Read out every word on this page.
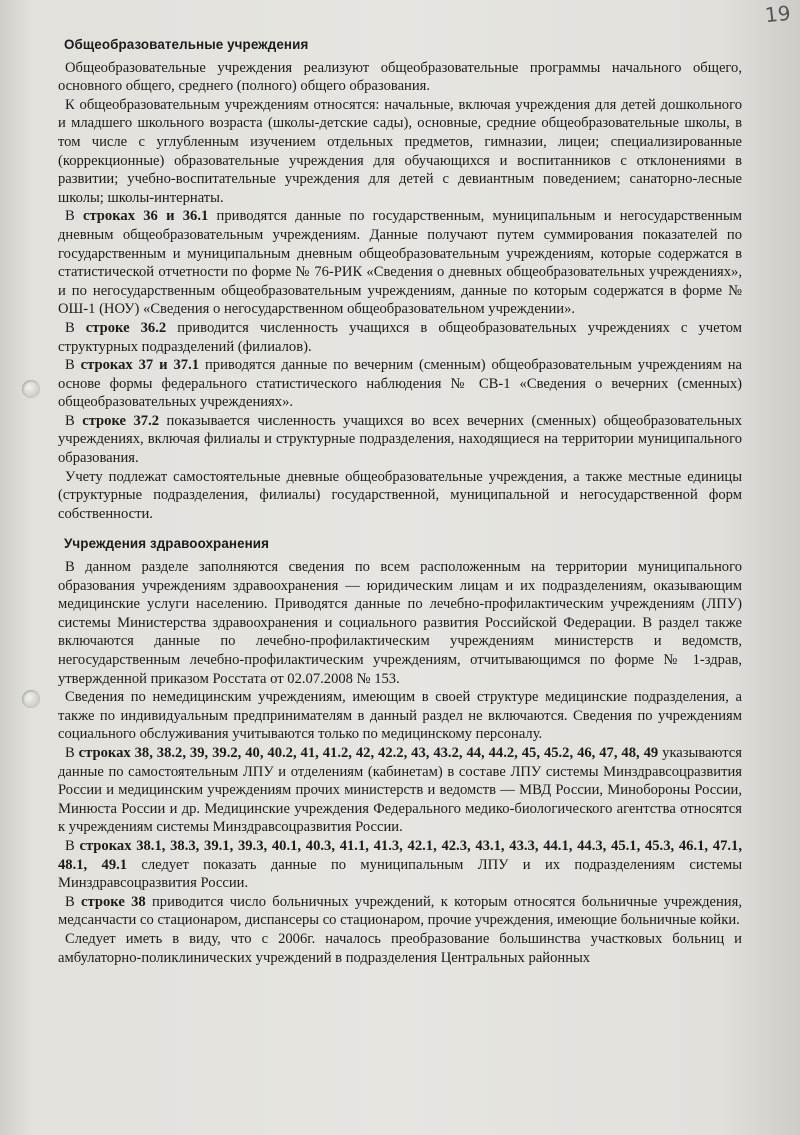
19
Общеобразовательные учреждения

Общеобразовательные учреждения реализуют общеобразовательные программы начального общего, основного общего, среднего (полного) общего образования.

К общеобразовательным учреждениям относятся: начальные, включая учреждения для детей дошкольного и младшего школьного возраста (школы-детские сады), основные, средние общеобразовательные школы, в том числе с углубленным изучением отдельных предметов, гимназии, лицеи; специализированные (коррекционные) образовательные учреждения для обучающихся и воспитанников с отклонениями в развитии; учебно-воспитательные учреждения для детей с девиантным поведением; санаторно-лесные школы; школы-интернаты.

В строках 36 и 36.1 приводятся данные по государственным, муниципальным и негосударственным дневным общеобразовательным учреждениям. Данные получают путем суммирования показателей по государственным и муниципальным дневным общеобразовательным учреждениям, которые содержатся в статистической отчетности по форме № 76-РИК «Сведения о дневных общеобразовательных учреждениях», и по негосударственным общеобразовательным учреждениям, данные по которым содержатся в форме № ОШ-1 (НОУ) «Сведения о негосударственном общеобразовательном учреждении».

В строке 36.2 приводится численность учащихся в общеобразовательных учреждениях с учетом структурных подразделений (филиалов).

В строках 37 и 37.1 приводятся данные по вечерним (сменным) общеобразовательным учреждениям на основе формы федерального статистического наблюдения № СВ-1 «Сведения о вечерних (сменных) общеобразовательных учреждениях».

В строке 37.2 показывается численность учащихся во всех вечерних (сменных) общеобразовательных учреждениях, включая филиалы и структурные подразделения, находящиеся на территории муниципального образования.

Учету подлежат самостоятельные дневные общеобразовательные учреждения, а также местные единицы (структурные подразделения, филиалы) государственной, муниципальной и негосударственной форм собственности.

Учреждения здравоохранения

В данном разделе заполняются сведения по всем расположенным на территории муниципального образования учреждениям здравоохранения — юридическим лицам и их подразделениям, оказывающим медицинские услуги населению. Приводятся данные по лечебно-профилактическим учреждениям (ЛПУ) системы Министерства здравоохранения и социального развития Российской Федерации. В раздел также включаются данные по лечебно-профилактическим учреждениям министерств и ведомств, негосударственным лечебно-профилактическим учреждениям, отчитывающимся по форме № 1-здрав, утвержденной приказом Росстата от 02.07.2008 № 153.

Сведения по немедицинским учреждениям, имеющим в своей структуре медицинские подразделения, а также по индивидуальным предпринимателям в данный раздел не включаются. Сведения по учреждениям социального обслуживания учитываются только по медицинскому персоналу.

В строках 38, 38.2, 39, 39.2, 40, 40.2, 41, 41.2, 42, 42.2, 43, 43.2, 44, 44.2, 45, 45.2, 46, 47, 48, 49 указываются данные по самостоятельным ЛПУ и отделениям (кабинетам) в составе ЛПУ системы Минздравсоцразвития России и медицинским учреждениям прочих министерств и ведомств — МВД России, Минобороны России, Минюста России и др. Медицинские учреждения Федерального медико-биологического агентства относятся к учреждениям системы Минздравсоцразвития России.

В строках 38.1, 38.3, 39.1, 39.3, 40.1, 40.3, 41.1, 41.3, 42.1, 42.3, 43.1, 43.3, 44.1, 44.3, 45.1, 45.3, 46.1, 47.1, 48.1, 49.1 следует показать данные по муниципальным ЛПУ и их подразделениям системы Минздравсоцразвития России.

В строке 38 приводится число больничных учреждений, к которым относятся больничные учреждения, медсанчасти со стационаром, диспансеры со стационаром, прочие учреждения, имеющие больничные койки.

Следует иметь в виду, что с 2006г. началось преобразование большинства участковых больниц и амбулаторно-поликлинических учреждений в подразделения Центральных районных
